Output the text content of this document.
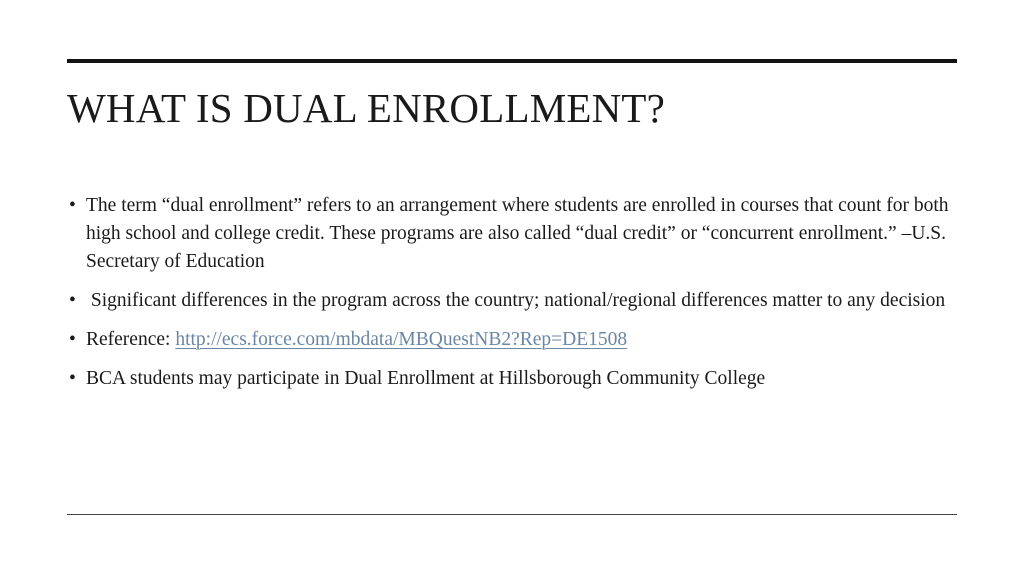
WHAT IS DUAL ENROLLMENT?
• The term “dual enrollment” refers to an arrangement where students are enrolled in courses that count for both high school and college credit. These programs are also called “dual credit” or “concurrent enrollment.” –U.S. Secretary of Education
• Significant differences in the program across the country; national/regional differences matter to any decision
• Reference: http://ecs.force.com/mbdata/MBQuestNB2?Rep=DE1508
• BCA students may participate in Dual Enrollment at Hillsborough Community College
